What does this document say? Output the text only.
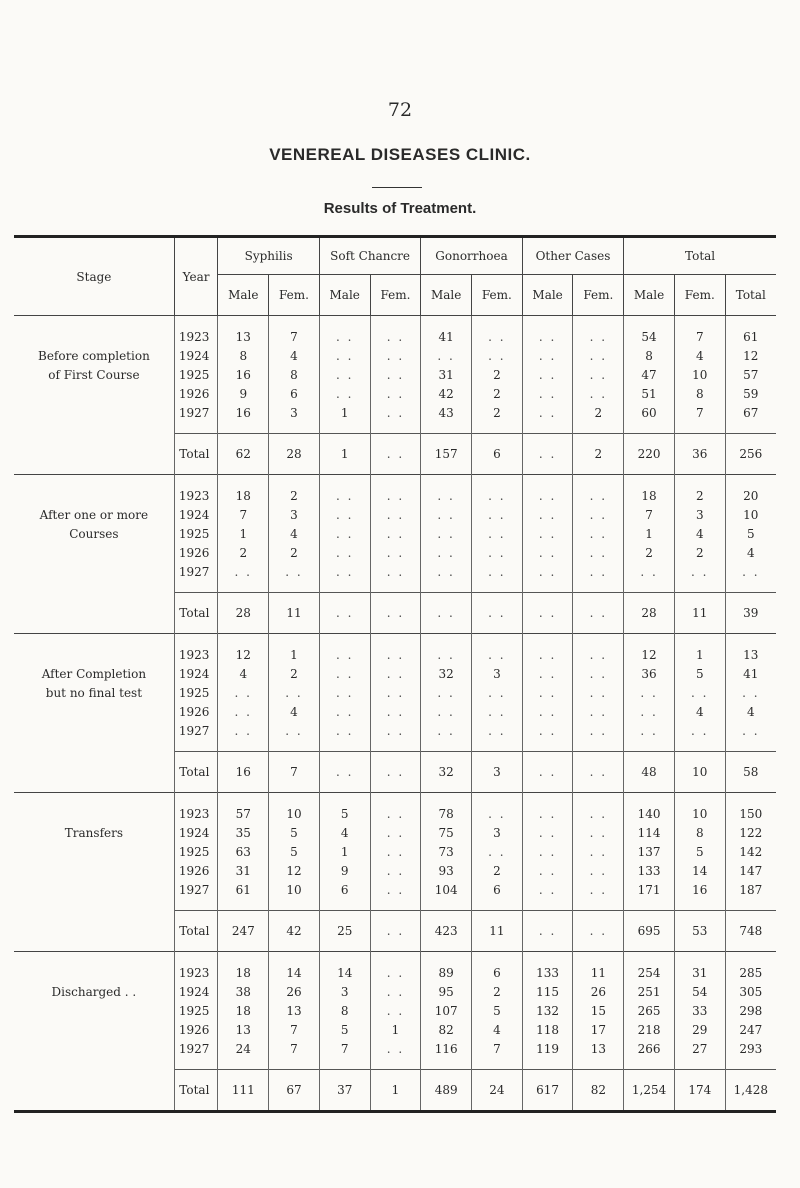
72
VENEREAL DISEASES CLINIC.
Results of Treatment.
Stage	Year	Syphilis		Soft Chancre		Gonorrhoea		Other Cases		Total		
		Male	Fem.	Male	Fem.	Male	Fem.	Male	Fem.	Male	Fem.	Total

	1923	13	7	. .	. .	41	. .	. .	. .	54	7	61
Before completion	1924	8	4	. .	. .	. .	. .	. .	. .	8	4	12
of First Course	1925	16	8	. .	. .	31	2	. .	. .	47	10	57
	1926	9	6	. .	. .	42	2	. .	. .	51	8	59
	1927	16	3	1	. .	43	2	. .	2	60	7	67

	Total	62	28	1	. .	157	6	. .	2	220	36	256

	1923	18	2	. .	. .	. .	. .	. .	. .	18	2	20
After one or more	1924	7	3	. .	. .	. .	. .	. .	. .	7	3	10
Courses	1925	1	4	. .	. .	. .	. .	. .	. .	1	4	5
	1926	2	2	. .	. .	. .	. .	. .	. .	2	2	4
	1927	. .	. .	. .	. .	. .	. .	. .	. .	. .	. .	. .

	Total	28	11	. .	. .	. .	. .	. .	. .	28	11	39

	1923	12	1	. .	. .	. .	. .	. .	. .	12	1	13
After Completion	1924	4	2	. .	. .	32	3	. .	. .	36	5	41
but no final test	1925	. .	. .	. .	. .	. .	. .	. .	. .	. .	. .	. .
	1926	. .	4	. .	. .	. .	. .	. .	. .	. .	4	4
	1927	. .	. .	. .	. .	. .	. .	. .	. .	. .	. .	. .

	Total	16	7	. .	. .	32	3	. .	. .	48	10	58

	1923	57	10	5	. .	78	. .	. .	. .	140	10	150
Transfers	1924	35	5	4	. .	75	3	. .	. .	114	8	122
	1925	63	5	1	. .	73	. .	. .	. .	137	5	142
	1926	31	12	9	. .	93	2	. .	. .	133	14	147
	1927	61	10	6	. .	104	6	. .	. .	171	16	187

	Total	247	42	25	. .	423	11	. .	. .	695	53	748

	1923	18	14	14	. .	89	6	133	11	254	31	285
Discharged . .	1924	38	26	3	. .	95	2	115	26	251	54	305
	1925	18	13	8	. .	107	5	132	15	265	33	298
	1926	13	7	5	1	82	4	118	17	218	29	247
	1927	24	7	7	. .	116	7	119	13	266	27	293

	Total	111	67	37	1	489	24	617	82	1,254	174	1,428
